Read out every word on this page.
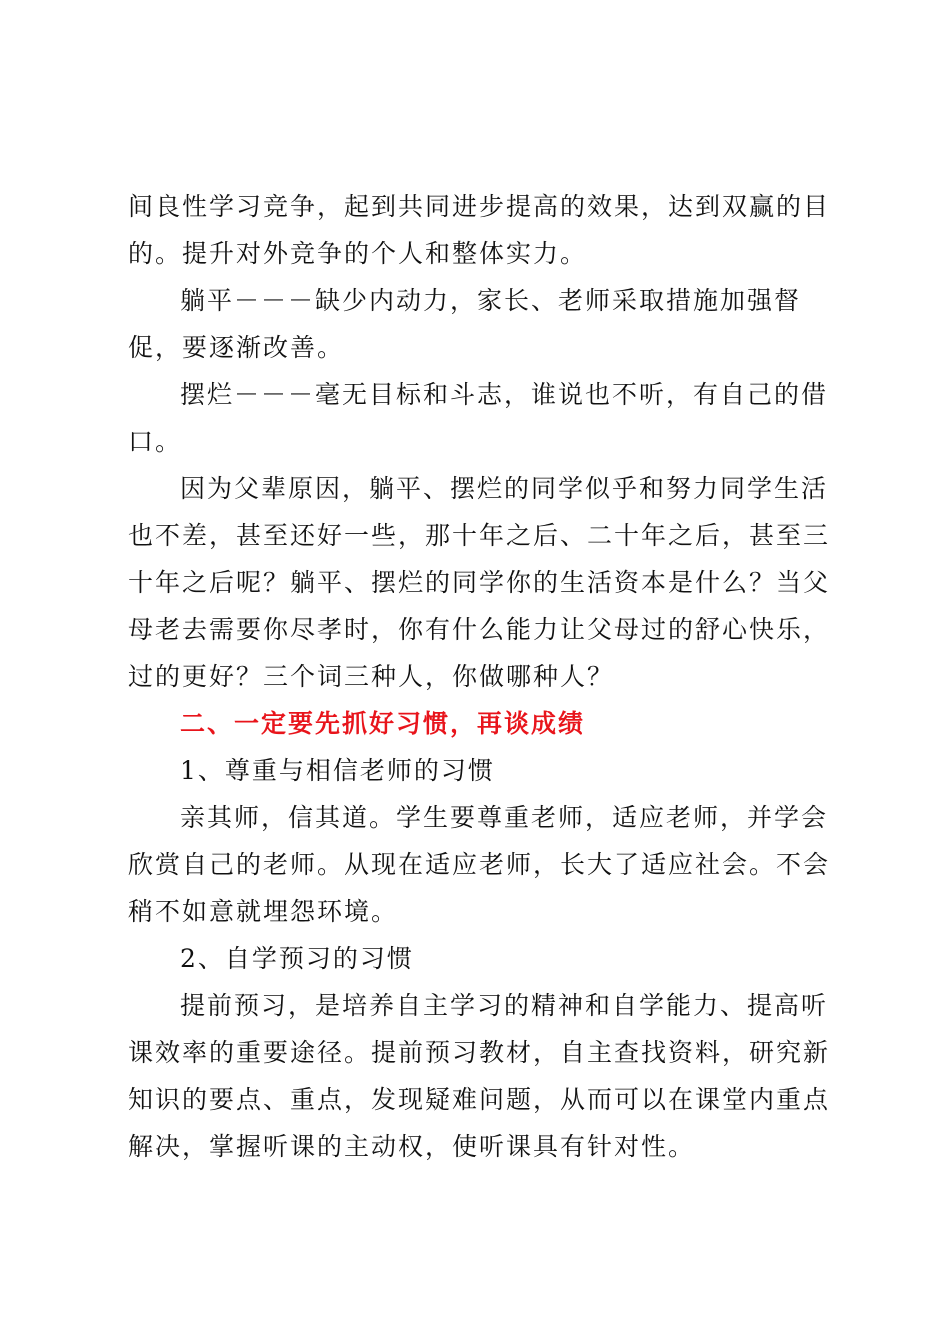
间良性学习竞争，起到共同进步提高的效果，达到双赢的目的。提升对外竞争的个人和整体实力。

躺平－－－缺少内动力，家长、老师采取措施加强督促，要逐渐改善。

摆烂－－－毫无目标和斗志，谁说也不听，有自己的借口。

因为父辈原因，躺平、摆烂的同学似乎和努力同学生活也不差，甚至还好一些，那十年之后、二十年之后，甚至三十年之后呢？躺平、摆烂的同学你的生活资本是什么？当父母老去需要你尽孝时，你有什么能力让父母过的舒心快乐，过的更好？三个词三种人，你做哪种人？

二、一定要先抓好习惯，再谈成绩

1、尊重与相信老师的习惯

亲其师，信其道。学生要尊重老师，适应老师，并学会欣赏自己的老师。从现在适应老师，长大了适应社会。不会稍不如意就埋怨环境。

2、自学预习的习惯

提前预习，是培养自主学习的精神和自学能力、提高听课效率的重要途径。提前预习教材，自主查找资料，研究新知识的要点、重点，发现疑难问题，从而可以在课堂内重点解决，掌握听课的主动权，使听课具有针对性。
